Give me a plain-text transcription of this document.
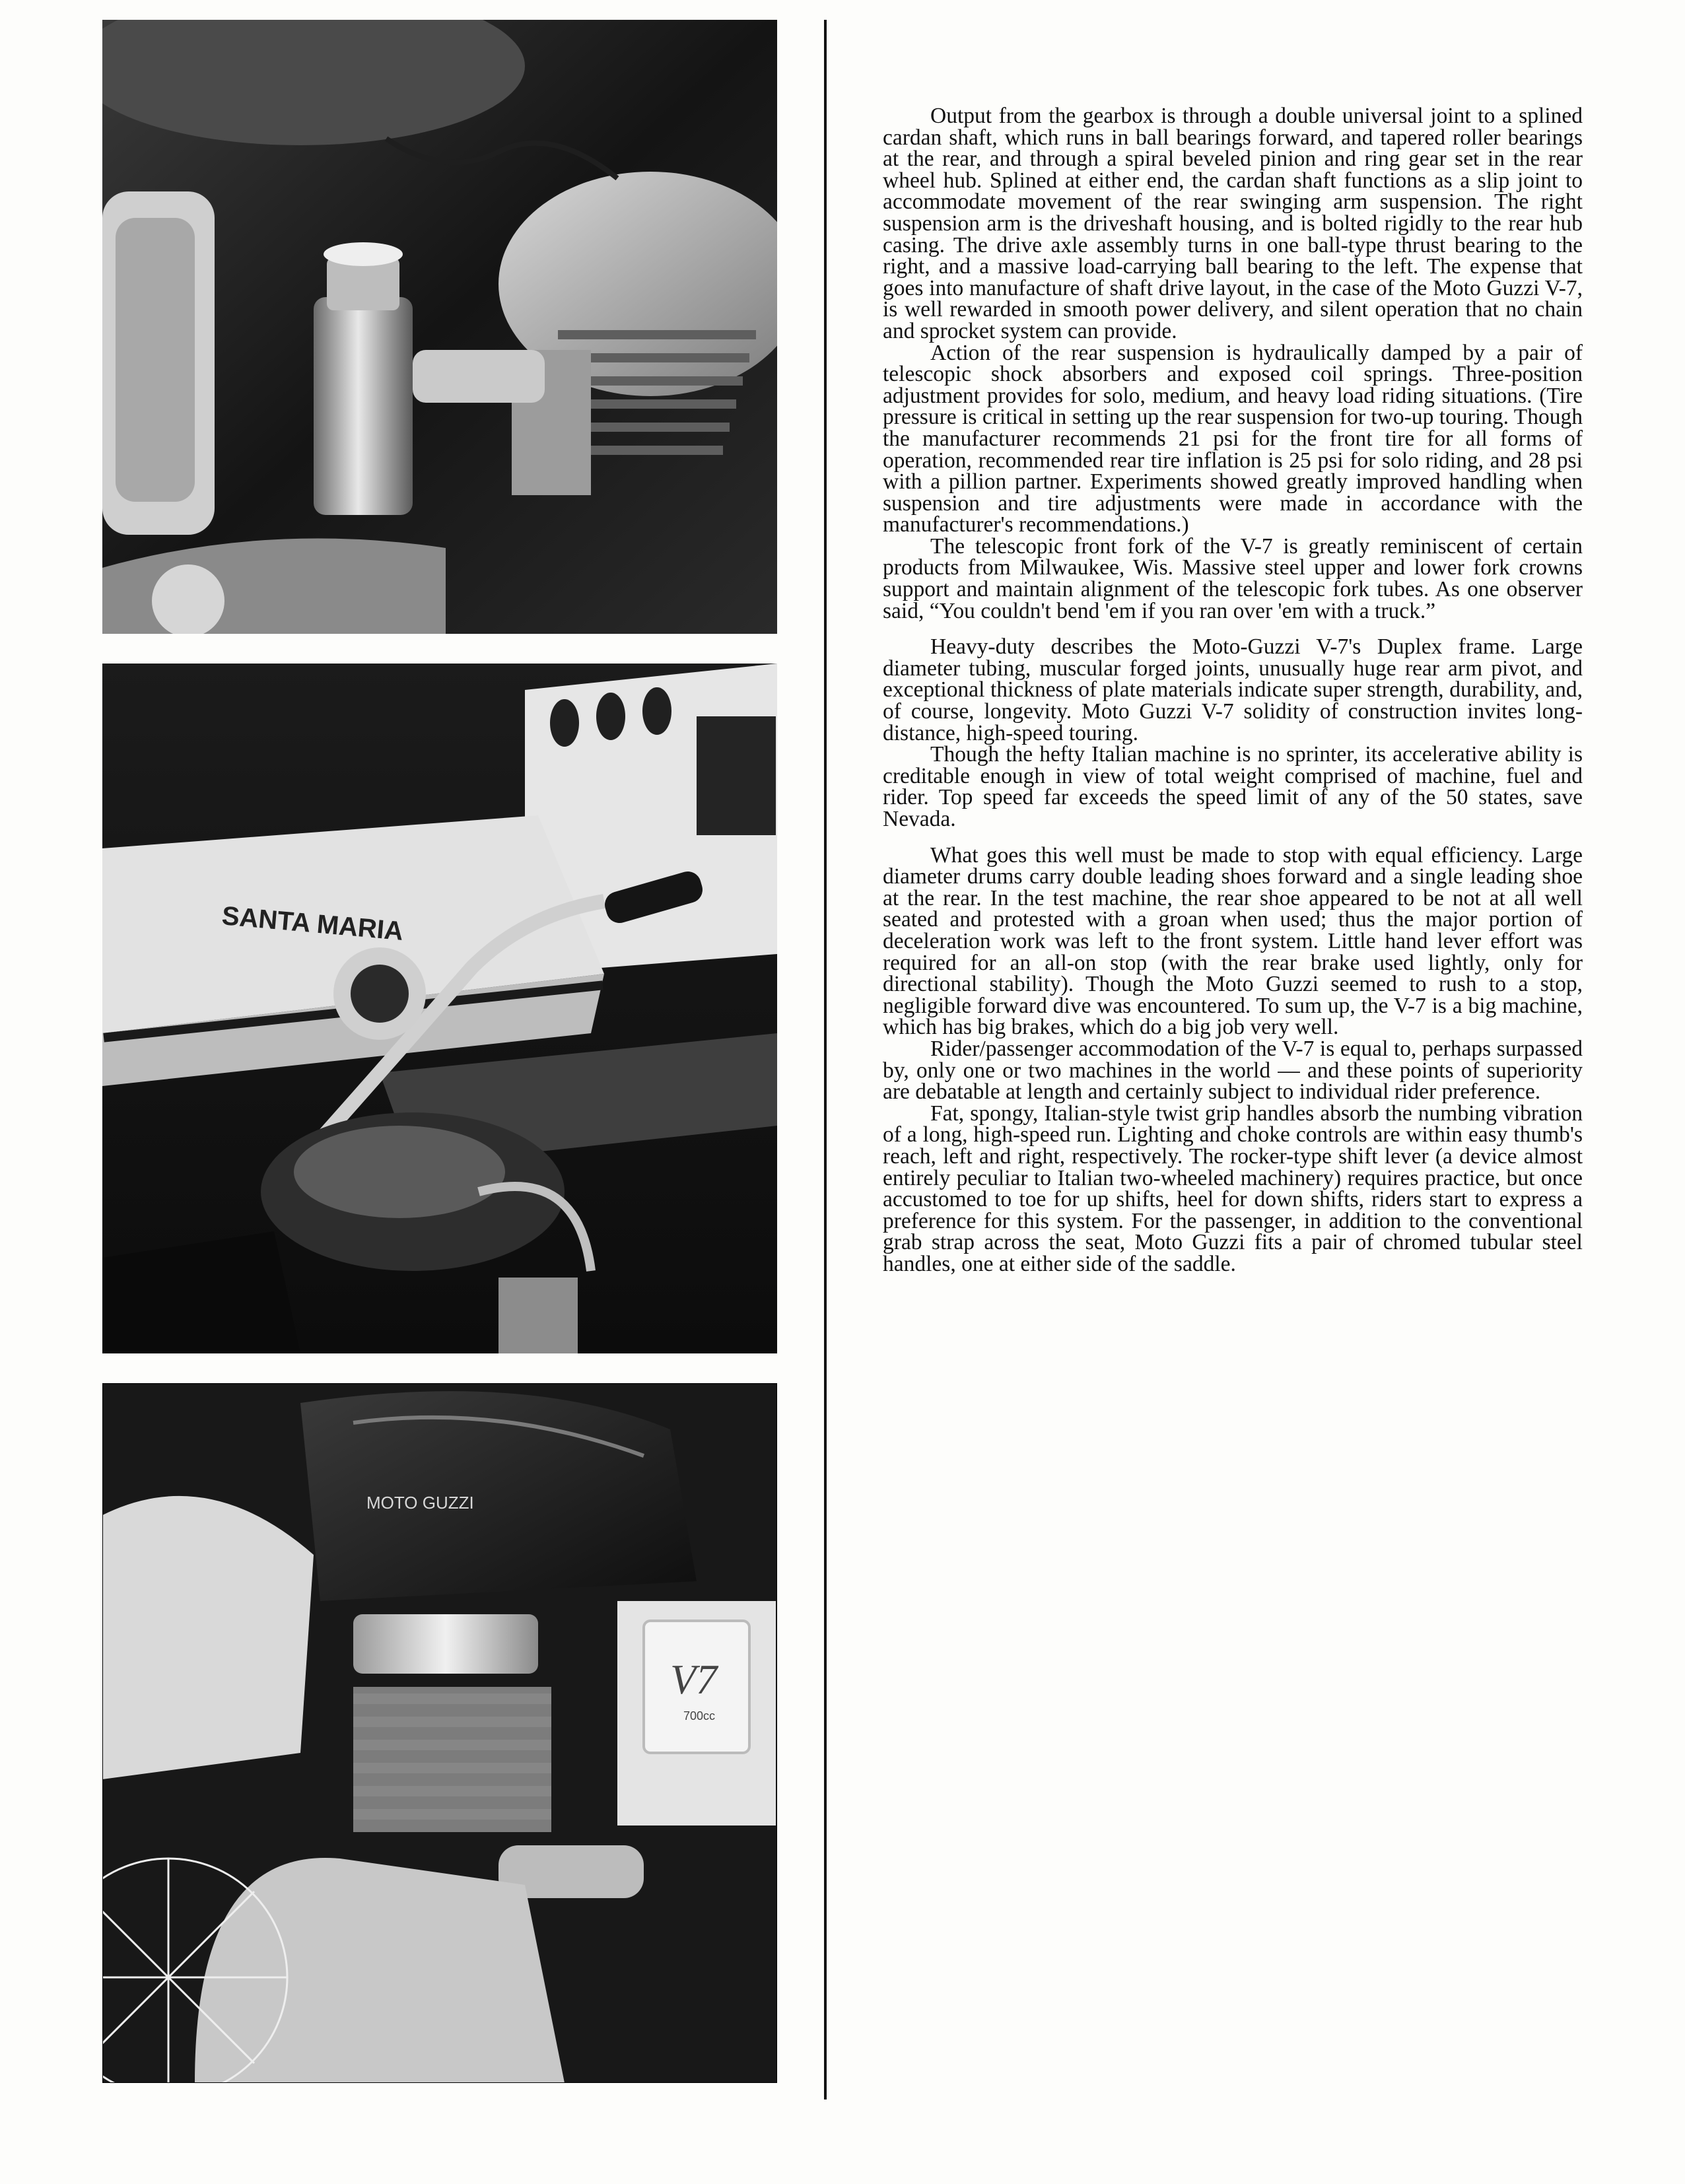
SANTA MARIA
MOTO GUZZI
V7
700cc

Output from the gearbox is through a double universal joint to a splined cardan shaft, which runs in ball bearings forward, and tapered roller bearings at the rear, and through a spiral beveled pinion and ring gear set in the rear wheel hub. Splined at either end, the cardan shaft functions as a slip joint to accommodate movement of the rear swinging arm suspension. The right suspension arm is the driveshaft housing, and is bolted rigidly to the rear hub casing. The drive axle assembly turns in one ball-type thrust bearing to the right, and a massive load-carrying ball bearing to the left. The expense that goes into manufacture of shaft drive layout, in the case of the Moto Guzzi V-7, is well rewarded in smooth power delivery, and silent operation that no chain and sprocket system can provide.

Action of the rear suspension is hydraulically damped by a pair of telescopic shock absorbers and exposed coil springs. Three-position adjustment provides for solo, medium, and heavy load riding situations. (Tire pressure is critical in setting up the rear suspension for two-up touring. Though the manufacturer recommends 21 psi for the front tire for all forms of operation, recommended rear tire inflation is 25 psi for solo riding, and 28 psi with a pillion partner. Experiments showed greatly improved handling when suspension and tire adjustments were made in accordance with the manufacturer's recommendations.)

The telescopic front fork of the V-7 is greatly reminiscent of certain products from Milwaukee, Wis. Massive steel upper and lower fork crowns support and maintain alignment of the telescopic fork tubes. As one observer said, “You couldn't bend 'em if you ran over 'em with a truck.”

Heavy-duty describes the Moto-Guzzi V-7's Duplex frame. Large diameter tubing, muscular forged joints, unusually huge rear arm pivot, and exceptional thickness of plate materials indicate super strength, durability, and, of course, longevity. Moto Guzzi V-7 solidity of construction invites long-distance, high-speed touring.

Though the hefty Italian machine is no sprinter, its accelerative ability is creditable enough in view of total weight comprised of machine, fuel and rider. Top speed far exceeds the speed limit of any of the 50 states, save Nevada.

What goes this well must be made to stop with equal efficiency. Large diameter drums carry double leading shoes forward and a single leading shoe at the rear. In the test machine, the rear shoe appeared to be not at all well seated and protested with a groan when used; thus the major portion of deceleration work was left to the front system. Little hand lever effort was required for an all-on stop (with the rear brake used lightly, only for directional stability). Though the Moto Guzzi seemed to rush to a stop, negligible forward dive was encountered. To sum up, the V-7 is a big machine, which has big brakes, which do a big job very well.

Rider/passenger accommodation of the V-7 is equal to, perhaps surpassed by, only one or two machines in the world — and these points of superiority are debatable at length and certainly subject to individual rider preference.

Fat, spongy, Italian-style twist grip handles absorb the numbing vibration of a long, high-speed run. Lighting and choke controls are within easy thumb's reach, left and right, respectively. The rocker-type shift lever (a device almost entirely peculiar to Italian two-wheeled machinery) requires practice, but once accustomed to toe for up shifts, heel for down shifts, riders start to express a preference for this system. For the passenger, in addition to the conventional grab strap across the seat, Moto Guzzi fits a pair of chromed tubular steel handles, one at either side of the saddle.
